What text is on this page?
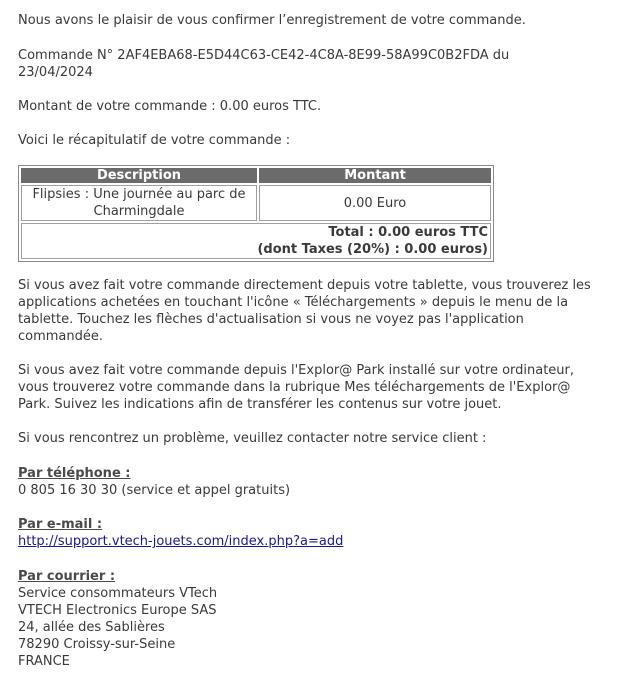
Nous avons le plaisir de vous confirmer l’enregistrement de votre commande.
Commande N° 2AF4EBA68-E5D44C63-CE42-4C8A-8E99-58A99C0B2FDA du
23/04/2024
Montant de votre commande : 0.00 euros TTC.
Voici le récapitulatif de votre commande :
Description	Montant

Flipsies : Une journée au parc de
Charmingdale	0.00 Euro

Total : 0.00 euros TTC
(dont Taxes (20%) : 0.00 euros)	
Si vous avez fait votre commande directement depuis votre tablette, vous trouverez les
applications achetées en touchant l'icône « Téléchargements » depuis le menu de la
tablette. Touchez les flèches d'actualisation si vous ne voyez pas l'application
commandée.
Si vous avez fait votre commande depuis l'Explor@ Park installé sur votre ordinateur,
vous trouverez votre commande dans la rubrique Mes téléchargements de l'Explor@
Park. Suivez les indications afin de transférer les contenus sur votre jouet.
Si vous rencontrez un problème, veuillez contacter notre service client :
Par téléphone :
0 805 16 30 30 (service et appel gratuits)
Par e-mail :
http://support.vtech-jouets.com/index.php?a=add
Par courrier :
Service consommateurs VTech
VTECH Electronics Europe SAS
24, allée des Sablières
78290 Croissy-sur-Seine
FRANCE
